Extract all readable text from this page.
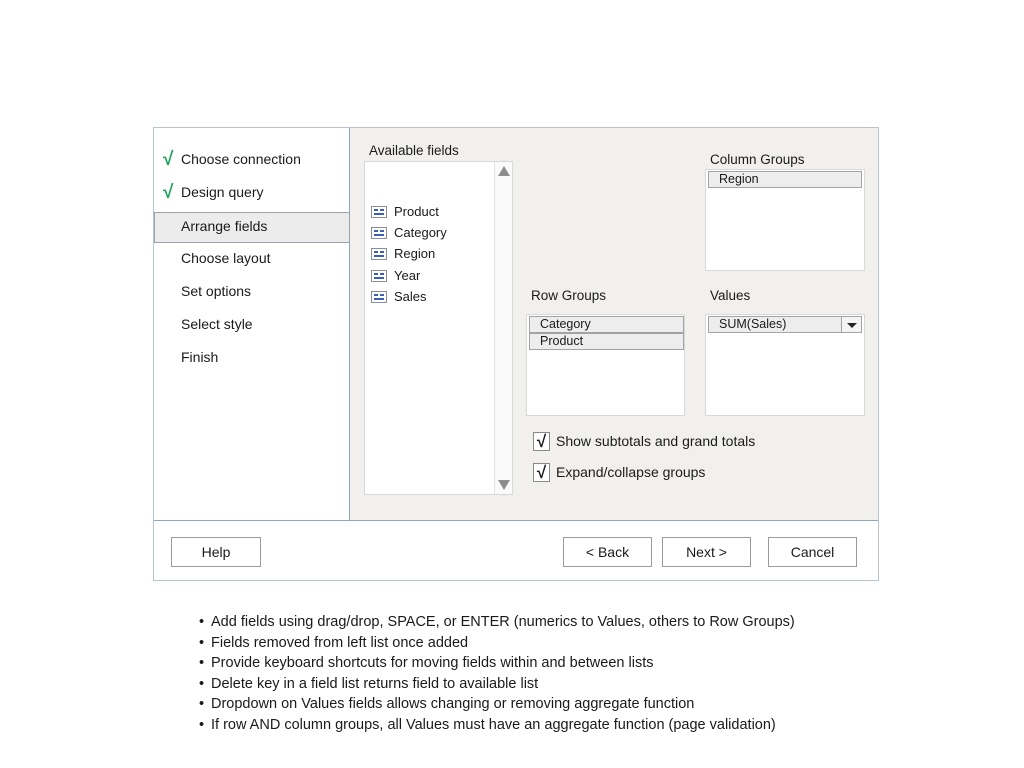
√ Choose connection
√ Design query
Arrange fields
Choose layout
Set options
Select style
Finish
Available fields
Product
Category
Region
Year
Sales
Column Groups
Region
Row Groups
Category
Product
Values
SUM(Sales)
√ Show subtotals and grand totals
√ Expand/collapse groups
Help	< Back	Next >	Cancel
• Add fields using drag/drop, SPACE, or ENTER (numerics to Values, others to Row Groups)
• Fields removed from left list once added
• Provide keyboard shortcuts for moving fields within and between lists
• Delete key in a field list returns field to available list
• Dropdown on Values fields allows changing or removing aggregate function
• If row AND column groups, all Values must have an aggregate function (page validation)
